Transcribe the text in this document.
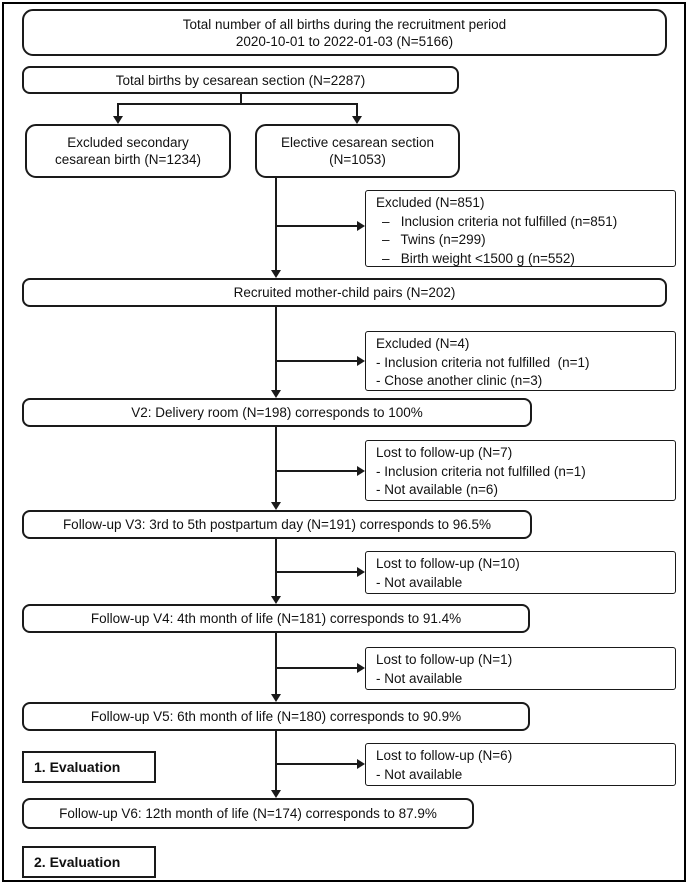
Total number of all births during the recruitment period
2020-10-01 to 2022-01-03 (N=5166)
Total births by cesarean section (N=2287)
Excluded secondary
cesarean birth (N=1234)
Elective cesarean section
(N=1053)
Recruited mother-child pairs (N=202)
V2: Delivery room (N=198) corresponds to 100%
Follow-up V3: 3rd to 5th postpartum day (N=191) corresponds to 96.5%
Follow-up V4: 4th month of life (N=181) corresponds to 91.4%
Follow-up V5: 6th month of life (N=180) corresponds to 90.9%
Follow-up V6: 12th month of life (N=174) corresponds to 87.9%
1. Evaluation
2. Evaluation
Excluded (N=851)
–   Inclusion criteria not fulfilled (n=851)
–   Twins (n=299)
–   Birth weight <1500 g (n=552)
Excluded (N=4)
- Inclusion criteria not fulfilled  (n=1)
- Chose another clinic (n=3)
Lost to follow-up (N=7)
- Inclusion criteria not fulfilled (n=1)
- Not available (n=6)
Lost to follow-up (N=10)
- Not available
Lost to follow-up (N=1)
- Not available
Lost to follow-up (N=6)
- Not available
